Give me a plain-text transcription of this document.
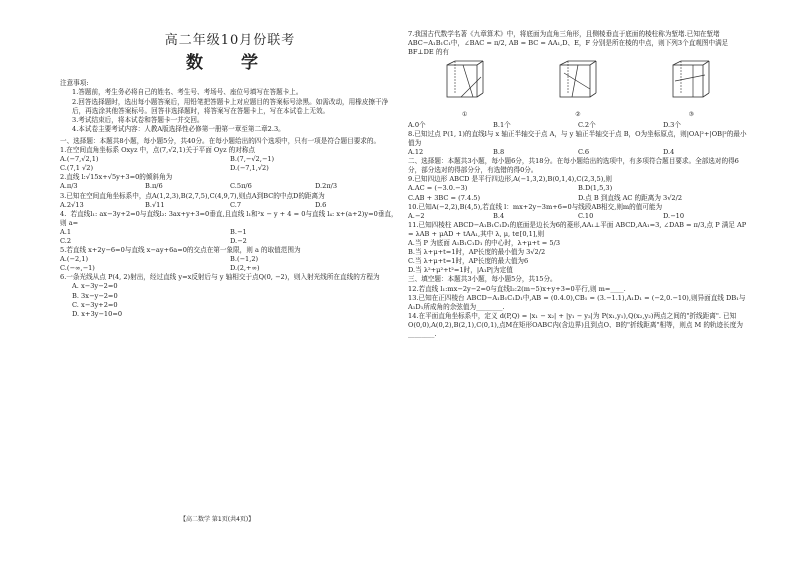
高二年级10月份联考
数 学

注意事项:

1.答题前，考生务必将自己的姓名、考生号、考场号、座位号填写在答题卡上。

2.回答选择题时，选出每小题答案后，用铅笔把答题卡上对应题目的答案标号涂黑。如需改动，用橡皮擦干净后，再选涂其他答案标号。回答非选择题时，将答案写在答题卡上，写在本试卷上无效。

3.考试结束后，将本试卷和答题卡一并交回。

4.本试卷主要考试内容：人教A版选择性必修第一册第一章至第二章2.3。

一、选择题：本题共8小题，每小题5分，共40分。在每小题给出的四个选项中，只有一项是符合题目要求的。

1.在空间直角坐标系 Oxyz 中，点(7,√2,1)关于平面 Oyz 的对称点

A.(−7,√2,1)	B.(7,−√2,−1)
C.(7,1 √2)	D.(−7,1,√2)

2.直线 l:√15x+√5y+3=0的倾斜角为

A.π/3	B.π/6	C.5π/6	D.2π/3

3.已知在空间直角坐标系中，点A(1,2,3),B(2,7,5),C(4,9,7),则点A到BC的中点D的距离为

A.2√13	B.√11	C.7	D.6

4.  若直线l₁: ax−3y+2=0与直线l₂: 3ax+y+3=0垂直,且直线 l₁和²x − y + 4 = 0与直线 l₄: x+(a+2)y=0垂直，则 a=

A.1	B.−1
C.2	D.−2

5.若直线 x+2y−6=0与直线 x−ay+6a=0的交点在第一象限，则 a 的取值范围为

A.(−2,1)	B.(−1,2)
C.(−∞,−1)	D.(2,+∞)

6.一条光线从点 P(4, 2)射出，经过直线 y=x反射后与 y 轴相交于点Q(0, −2)，则入射光线所在直线的方程为

A. x−3y−2=0
B. 3x−y−2=0
C. x−3y+2=0
D. x+3y−10=0

7.我国古代数学名著《九章算术》中，将底面为直角三角形，且侧棱垂直于底面的棱柱称为堑堵.已知在堑堵 ABC−A₁B₁C₁中，∠BAC = π/2, AB = BC = AA₁,D、E，F 分别是所在棱的中点，则下列3个直观图中满足 BF⊥DE 的有

①	②	③
A.0个	B.1个	C.2个	D.3个

8.已知过点 P(1, 1)的直线l与 x 轴正半轴交于点 A，与 y 轴正半轴交于点 B，O为坐标原点，则|OA|²+|OB|²的最小值为

A.12	B.8	C.6	D.4

二、选择题：本题共3小题，每小题6分，共18分。在每小题给出的选项中，有多项符合题目要求。全部选对的得6分，部分选对的得部分分，有选错的得0分。

9.已知四边形 ABCD 是平行四边形,A(−1,3,2),B(0,1,4),C(2,3,5),则

A.AC = (−3.0.−3)	B.D(1,5,3)
C.AB + 3BC = (7.4.5)	D.点 B 到直线 AC 的距离为 3√2/2

10.已知A(−2,2),B(4,5),若直线 l：mx+2y−3m+6=0与线段AB相交,则m的值可能为

A.−2	B.4	C.10	D.−10

11.已知四棱柱 ABCD−A₁B₁C₁D₁的底面是边长为6的菱形,AA₁⊥平面 ABCD,AA₁=3, ∠DAB = π/3,点 P 满足 AP = λAB + μAD + tAA₁,其中 λ, μ, t∈[0,1],则

A.当 P 为底面 A₁B₁C₁D₁ 的中心时，λ+μ+t = 5/3
B.当 λ+μ+t=1时，AP长度的最小值为 3√2/2
C.当 λ+μ+t=1时，AP长度的最大值为6
D.当 λ²+μ²+t²=1时，|A₁P|为定值

三、填空题：本题共3小题，每小题5分，共15分。

12.若直线 l₁:mx−2y−2=0与直线l₂:2(m−5)x+y+3=0平行,则 m=____.

13.已知在正四棱台 ABCD−A₁B₁C₁D₁中,AB = (0.4.0),CB₁ = (3.−1.1),A₁D₁ = (−2,0.−10),则异面直线 DB₁与A₁D₁所成角的余弦值为________.

14.在平面直角坐标系中，定义 d(P,Q) = |x₁ − x₂| + |y₁ − y₂|为 P(x₁,y₁),Q(x₂,y₂)两点之间的"折线距离". 已知O(0,0),A(0,2),B(2,1),C(0,1),点M在矩形OABC内(含边界)且到点O、B的"折线距离"相等，则点 M 的轨迹长度为________.

【高二数学 第1页(共4页)】
